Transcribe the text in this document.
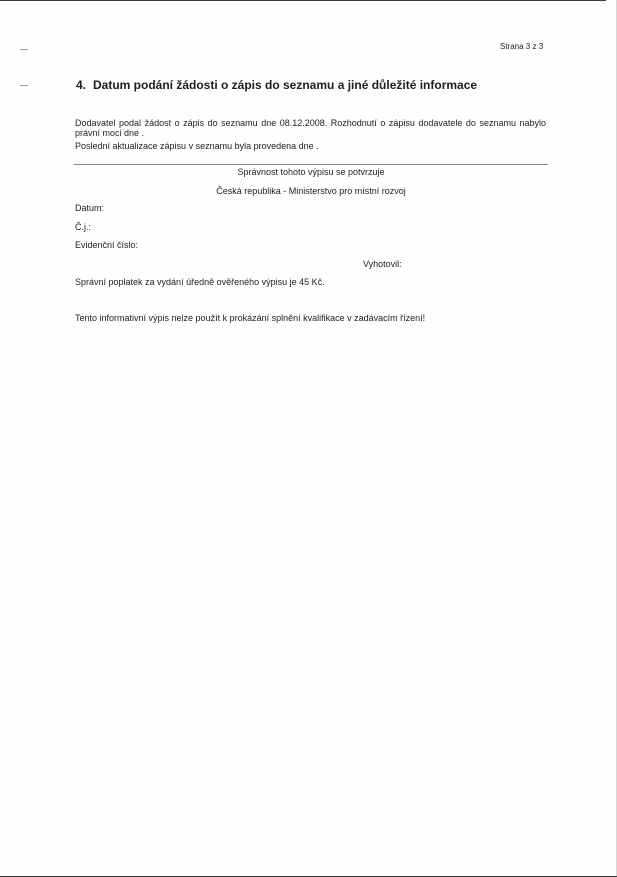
Strana 3 z 3
4. Datum podání žádosti o zápis do seznamu a jiné důležité informace
Dodavatel podal žádost o zápis do seznamu dne 08.12.2008. Rozhodnutí o zápisu dodavatele do seznamu nabylo právní moci dne .
Poslední aktualizace zápisu v seznamu byla provedena dne .
Správnost tohoto výpisu se potvrzuje
Česká republika - Ministerstvo pro místní rozvoj
Datum:
Č.j.:
Evidenční číslo:
Vyhotovil:
Správní poplatek za vydání úředně ověřeného výpisu je 45 Kč.
Tento informativní výpis nelze použít k prokázání splnění kvalifikace v zadávacím řízení!
